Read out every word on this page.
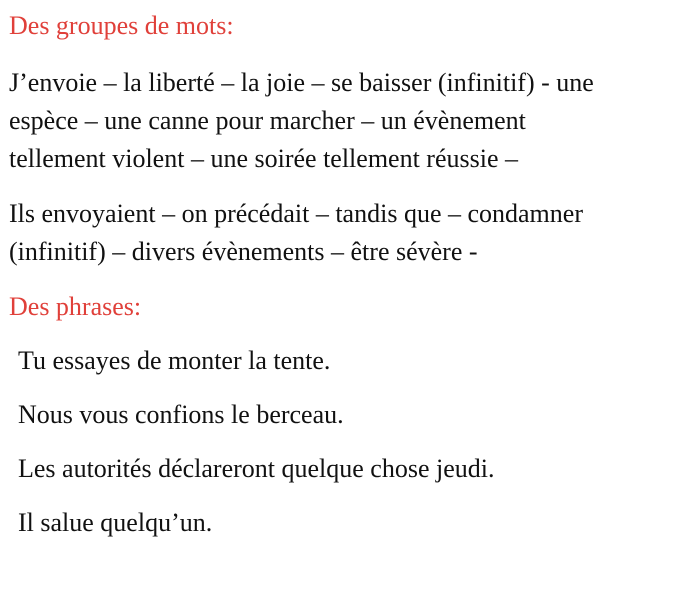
Des groupes de mots:

J’envoie – la liberté – la joie – se baisser (infinitif) - une
espèce – une canne pour marcher – un évènement
tellement violent – une soirée tellement réussie –

Ils envoyaient – on précédait – tandis que – condamner
(infinitif) – divers évènements – être sévère -

Des phrases:

Tu essayes de monter la tente.

Nous vous confions le berceau.

Les autorités déclareront quelque chose jeudi.

Il salue quelqu’un.
